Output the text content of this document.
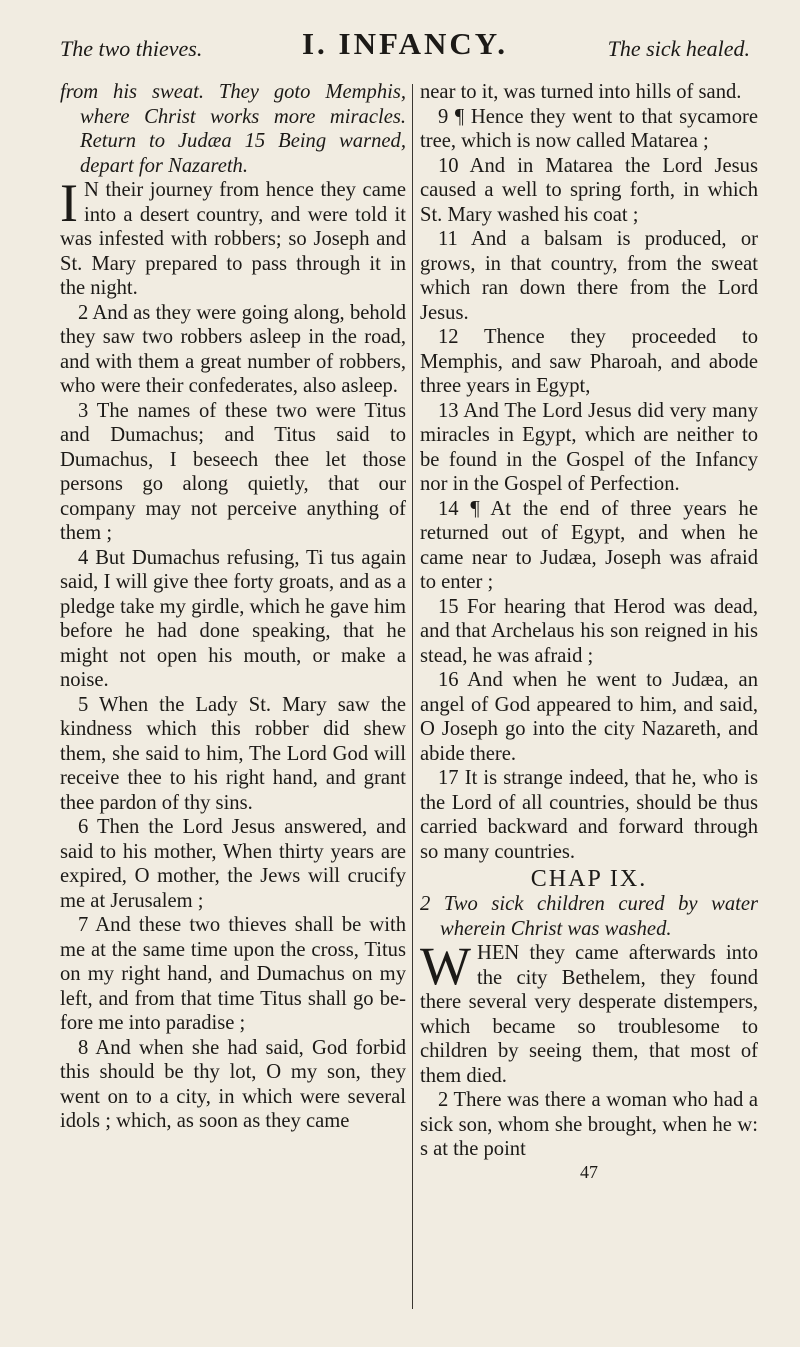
The two thieves.	I. INFANCY.	The sick healed.

from his sweat. They goto Memphis, where Christ works more miracles. Return to Judæa 15 Being warned, depart for Nazareth.

I N their journey from hence they came into a desert country, and were told it was infested with robbers; so Joseph and St. Mary prepared to pass through it in the night.

2 And as they were going along, behold they saw two robbers asleep in the road, and with them a great number of robbers, who were their confederates, also asleep.

3 The names of these two were Titus and Dumachus; and Titus said to Dumachus, I beseech thee let those persons go along quietly, that our company may not perceive anything of them ;

4 But Dumachus refusing, Ti tus again said, I will give thee forty groats, and as a pledge take my girdle, which he gave him before he had done speaking, that he might not open his mouth, or make a noise.

5 When the Lady St. Mary saw the kindness which this robber did shew them, she said to him, The Lord God will receive thee to his right hand, and grant thee pardon of thy sins.

6 Then the Lord Jesus answered, and said to his mother, When thirty years are expired, O mother, the Jews will crucify me at Jerusalem ;

7 And these two thieves shall be with me at the same time upon the cross, Titus on my right hand, and Dumachus on my left, and from that time Titus shall go before me into paradise ;

8 And when she had said, God forbid this should be thy lot, O my son, they went on to a city, in which were several idols ; which, as soon as they came

near to it, was turned into hills of sand.

9 ¶ Hence they went to that sycamore tree, which is now called Matarea ;

10 And in Matarea the Lord Jesus caused a well to spring forth, in which St. Mary washed his coat ;

11 And a balsam is produced, or grows, in that country, from the sweat which ran down there from the Lord Jesus.

12 Thence they proceeded to Memphis, and saw Pharoah, and abode three years in Egypt,

13 And The Lord Jesus did very many miracles in Egypt, which are neither to be found in the Gospel of the Infancy nor in the Gospel of Perfection.

14 ¶ At the end of three years he returned out of Egypt, and when he came near to Judæa, Joseph was afraid to enter ;

15 For hearing that Herod was dead, and that Archelaus his son reigned in his stead, he was afraid ;

16 And when he went to Judæa, an angel of God appeared to him, and said, O Joseph go into the city Nazareth, and abide there.

17 It is strange indeed, that he, who is the Lord of all countries, should be thus carried backward and forward through so many countries.

CHAP IX.

2 Two sick children cured by water wherein Christ was washed.

WHEN they came afterwards into the city Bethelem, they found there several very desperate distempers, which became so troublesome to children by seeing them, that most of them died.

2 There was there a woman who had a sick son, whom she brought, when he w: s at the point

47
